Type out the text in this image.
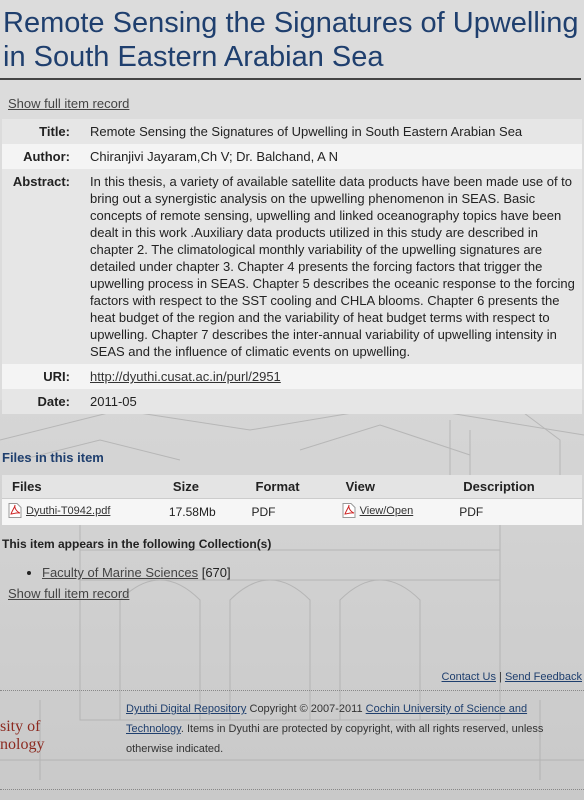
Remote Sensing the Signatures of Upwelling in South Eastern Arabian Sea
Show full item record
Title:	Remote Sensing the Signatures of Upwelling in South Eastern Arabian Sea
Author:	Chiranjivi Jayaram,Ch V; Dr. Balchand, A N
Abstract:	In this thesis, a variety of available satellite data products have been made use of to bring out a synergistic analysis on the upwelling phenomenon in SEAS. Basic concepts of remote sensing, upwelling and linked oceanography topics have been dealt in this work .Auxiliary data products utilized in this study are described in chapter 2. The climatological monthly variability of the upwelling signatures are detailed under chapter 3. Chapter 4 presents the forcing factors that trigger the upwelling process in SEAS. Chapter 5 describes the oceanic response to the forcing factors with respect to the SST cooling and CHLA blooms. Chapter 6 presents the heat budget of the region and the variability of heat budget terms with respect to upwelling. Chapter 7 describes the inter-annual variability of upwelling intensity in SEAS and the influence of climatic events on upwelling.
URI:	http://dyuthi.cusat.ac.in/purl/2951
Date:	2011-05
Files in this item
Files	Size	Format	View	Description

Dyuthi-T0942.pdf	17.58Mb	PDF	View/Open	PDF
This item appears in the following Collection(s)
• Faculty of Marine Sciences [670]
Show full item record
Contact Us | Send Feedback
sity of
nology
Dyuthi Digital Repository Copyright © 2007-2011 Cochin University of Science and Technology. Items in Dyuthi are protected by copyright, with all rights reserved, unless otherwise indicated.
